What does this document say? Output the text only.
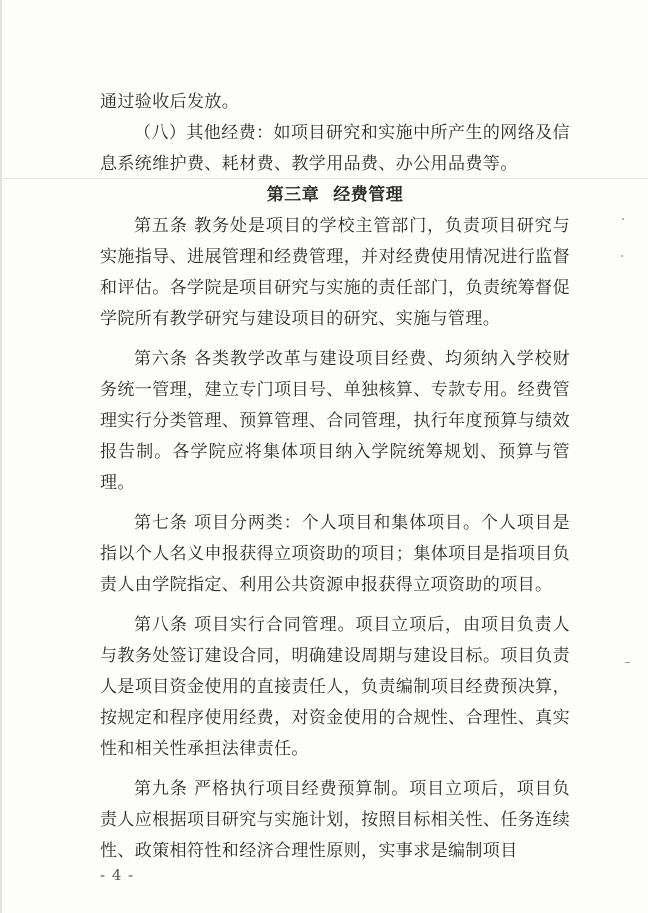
通过验收后发放。

（八）其他经费：如项目研究和实施中所产生的网络及信息系统维护费、耗材费、教学用品费、办公用品费等。

第三章 经费管理

第五条 教务处是项目的学校主管部门，负责项目研究与实施指导、进展管理和经费管理，并对经费使用情况进行监督和评估。各学院是项目研究与实施的责任部门，负责统筹督促学院所有教学研究与建设项目的研究、实施与管理。

第六条 各类教学改革与建设项目经费、均须纳入学校财务统一管理，建立专门项目号、单独核算、专款专用。经费管理实行分类管理、预算管理、合同管理，执行年度预算与绩效报告制。各学院应将集体项目纳入学院统筹规划、预算与管理。

第七条 项目分两类：个人项目和集体项目。个人项目是指以个人名义申报获得立项资助的项目；集体项目是指项目负责人由学院指定、利用公共资源申报获得立项资助的项目。

第八条 项目实行合同管理。项目立项后，由项目负责人与教务处签订建设合同，明确建设周期与建设目标。项目负责人是项目资金使用的直接责任人，负责编制项目经费预决算，按规定和程序使用经费，对资金使用的合规性、合理性、真实性和相关性承担法律责任。

第九条 严格执行项目经费预算制。项目立项后，项目负责人应根据项目研究与实施计划，按照目标相关性、任务连续性、政策相符性和经济合理性原则，实事求是编制项目

- 4 -
